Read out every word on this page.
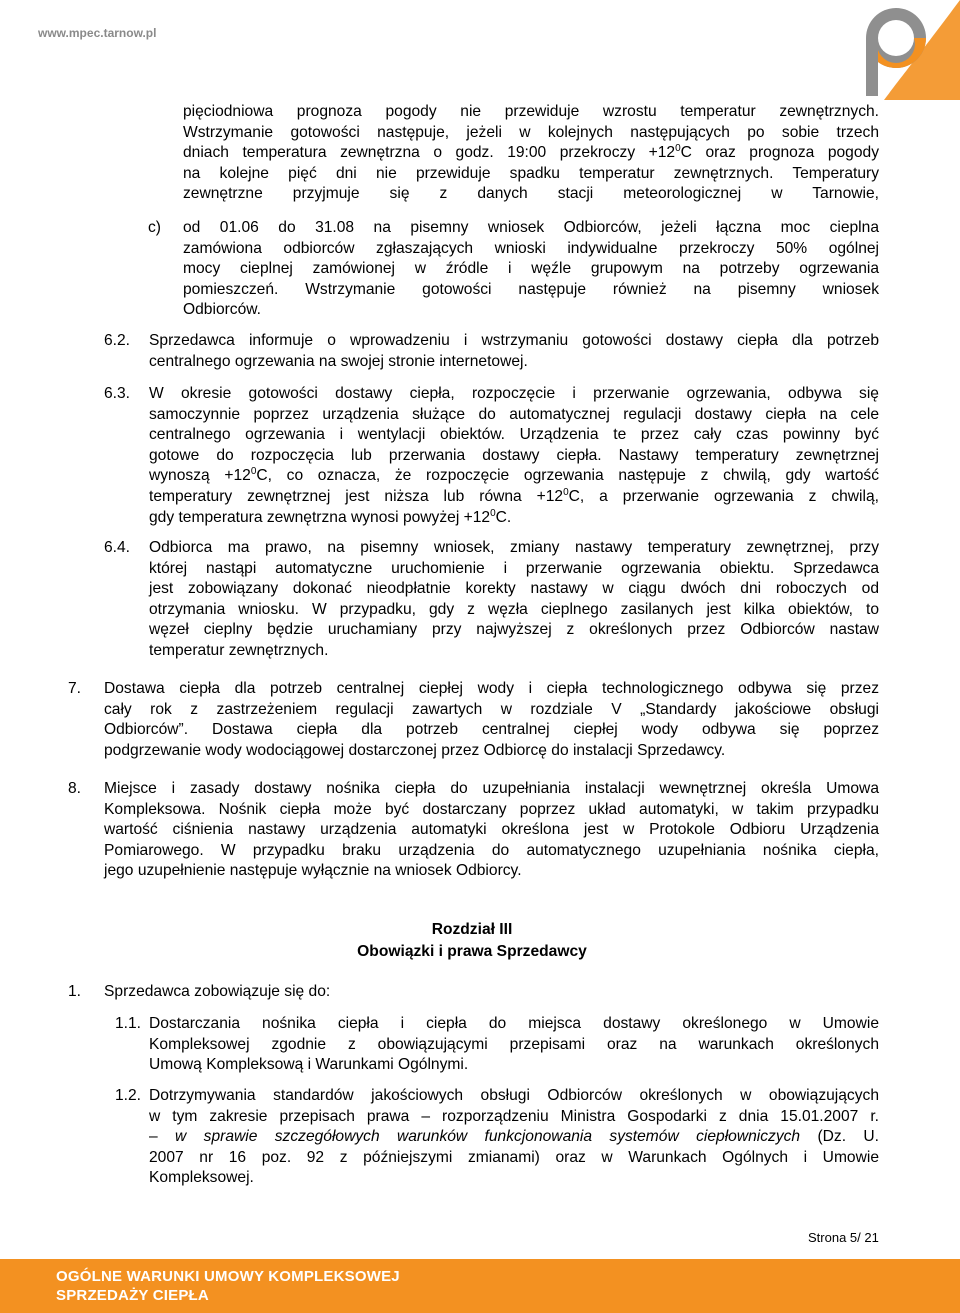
www.mpec.tarnow.pl
pięciodniowa prognoza pogody nie przewiduje wzrostu temperatur zewnętrznych.
Wstrzymanie gotowości następuje, jeżeli w kolejnych następujących po sobie trzech
dniach temperatura zewnętrzna o godz. 19:00 przekroczy $+12^0C$ oraz prognoza pogody
na kolejne pięć dni nie przewiduje spadku temperatur zewnętrznych. Temperatury
zewnętrzne przyjmuje się z danych stacji meteorologicznej w Tarnowie,
c) od 01.06 do 31.08 na pisemny wniosek Odbiorców, jeżeli łączna moc cieplna
zamówiona odbiorców zgłaszających wnioski indywidualne przekroczy 50% ogólnej
mocy cieplnej zamówionej w źródle i węźle grupowym na potrzeby ogrzewania
pomieszczeń. Wstrzymanie gotowości następuje również na pisemny wniosek
Odbiorców.
6.2. Sprzedawca informuje o wprowadzeniu i wstrzymaniu gotowości dostawy ciepła dla potrzeb
centralnego ogrzewania na swojej stronie internetowej.
6.3. W okresie gotowości dostawy ciepła, rozpoczęcie i przerwanie ogrzewania, odbywa się
samoczynnie poprzez urządzenia służące do automatycznej regulacji dostawy ciepła na cele
centralnego ogrzewania i wentylacji obiektów. Urządzenia te przez cały czas powinny być
gotowe do rozpoczęcia lub przerwania dostawy ciepła. Nastawy temperatury zewnętrznej
wynoszą $+12^0C$, co oznacza, że rozpoczęcie ogrzewania następuje z chwilą, gdy wartość
temperatury zewnętrznej jest niższa lub równa $+12^0C$, a przerwanie ogrzewania z chwilą,
gdy temperatura zewnętrzna wynosi powyżej $+12^0C$.
6.4. Odbiorca ma prawo, na pisemny wniosek, zmiany nastawy temperatury zewnętrznej, przy
której nastąpi automatyczne uruchomienie i przerwanie ogrzewania obiektu. Sprzedawca
jest zobowiązany dokonać nieodpłatnie korekty nastawy w ciągu dwóch dni roboczych od
otrzymania wniosku. W przypadku, gdy z węzła cieplnego zasilanych jest kilka obiektów, to
węzeł cieplny będzie uruchamiany przy najwyższej z określonych przez Odbiorców nastaw
temperatur zewnętrznych.
7. Dostawa ciepła dla potrzeb centralnej ciepłej wody i ciepła technologicznego odbywa się przez
cały rok z zastrzeżeniem regulacji zawartych w rozdziale V „Standardy jakościowe obsługi
Odbiorców”. Dostawa ciepła dla potrzeb centralnej ciepłej wody odbywa się poprzez
podgrzewanie wody wodociągowej dostarczonej przez Odbiorcę do instalacji Sprzedawcy.
8. Miejsce i zasady dostawy nośnika ciepła do uzupełniania instalacji wewnętrznej określa Umowa
Kompleksowa. Nośnik ciepła może być dostarczany poprzez układ automatyki, w takim przypadku
wartość ciśnienia nastawy urządzenia automatyki określona jest w Protokole Odbioru Urządzenia
Pomiarowego. W przypadku braku urządzenia do automatycznego uzupełniania nośnika ciepła,
jego uzupełnienie następuje wyłącznie na wniosek Odbiorcy.
Rozdział III
Obowiązki i prawa Sprzedawcy
1. Sprzedawca zobowiązuje się do:
1.1. Dostarczania nośnika ciepła i ciepła do miejsca dostawy określonego w Umowie
Kompleksowej zgodnie z obowiązującymi przepisami oraz na warunkach określonych
Umową Kompleksową i Warunkami Ogólnymi.
1.2. Dotrzymywania standardów jakościowych obsługi Odbiorców określonych w obowiązujących
w tym zakresie przepisach prawa – rozporządzeniu Ministra Gospodarki z dnia 15.01.2007 r.
– w sprawie szczegółowych warunków funkcjonowania systemów ciepłowniczych (Dz. U.
2007 nr 16 poz. 92 z późniejszymi zmianami) oraz w Warunkach Ogólnych i Umowie
Kompleksowej.
Strona 5/ 21
OGÓLNE WARUNKI UMOWY KOMPLEKSOWEJ
SPRZEDAŻY CIEPŁA
